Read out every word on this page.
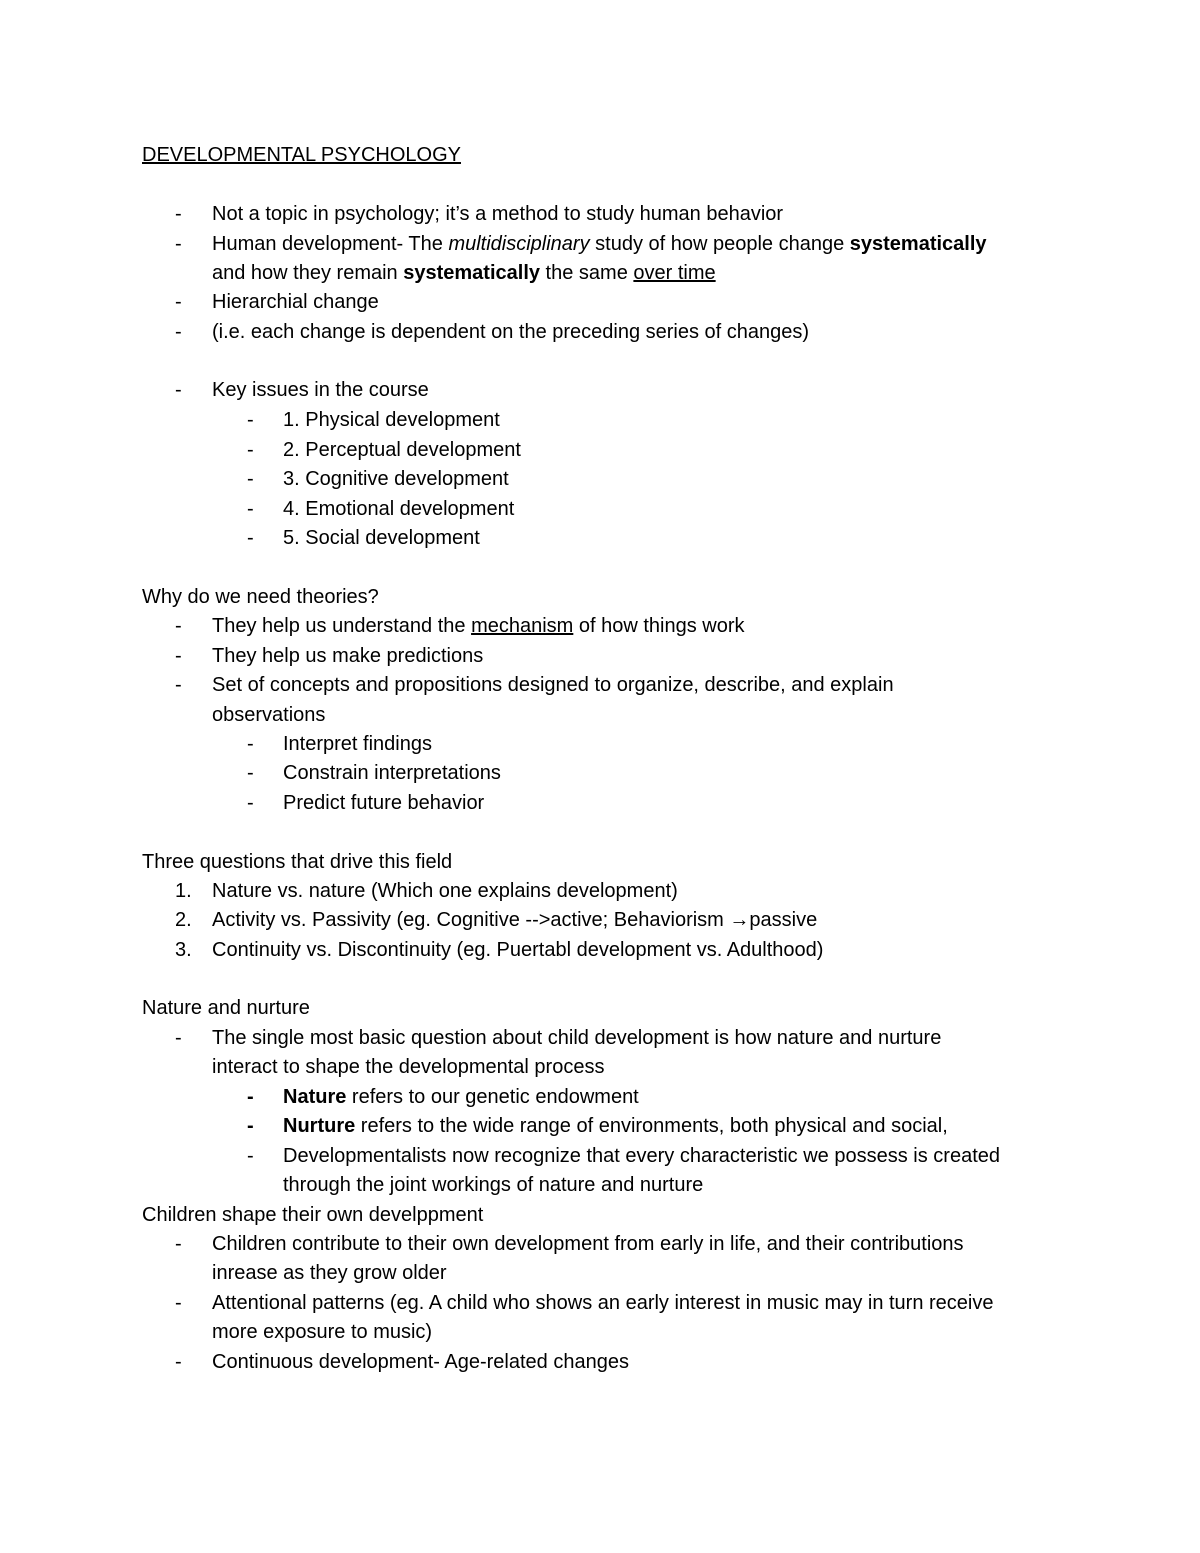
DEVELOPMENTAL PSYCHOLOGY
- Not a topic in psychology; it’s a method to study human behavior
- Human development- The multidisciplinary study of how people change systematically
and how they remain systematically the same over time
- Hierarchial change
- (i.e. each change is dependent on the preceding series of changes)
- Key issues in the course
- 1. Physical development
- 2. Perceptual development
- 3. Cognitive development
- 4. Emotional development
- 5. Social development
Why do we need theories?
- They help us understand the mechanism of how things work
- They help us make predictions
- Set of concepts and propositions designed to organize, describe, and explain
observations
- Interpret findings
- Constrain interpretations
- Predict future behavior
Three questions that drive this field
1. Nature vs. nature (Which one explains development)
2. Activity vs. Passivity (eg. Cognitive -->active; Behaviorism →passive
3. Continuity vs. Discontinuity (eg. Puertabl development vs. Adulthood)
Nature and nurture
- The single most basic question about child development is how nature and nurture
interact to shape the developmental process
- Nature refers to our genetic endowment
- Nurture refers to the wide range of environments, both physical and social,
- Developmentalists now recognize that every characteristic we possess is created
through the joint workings of nature and nurture
Children shape their own develppment
- Children contribute to their own development from early in life, and their contributions
inrease as they grow older
- Attentional patterns (eg. A child who shows an early interest in music may in turn receive
more exposure to music)
- Continuous development- Age-related changes
